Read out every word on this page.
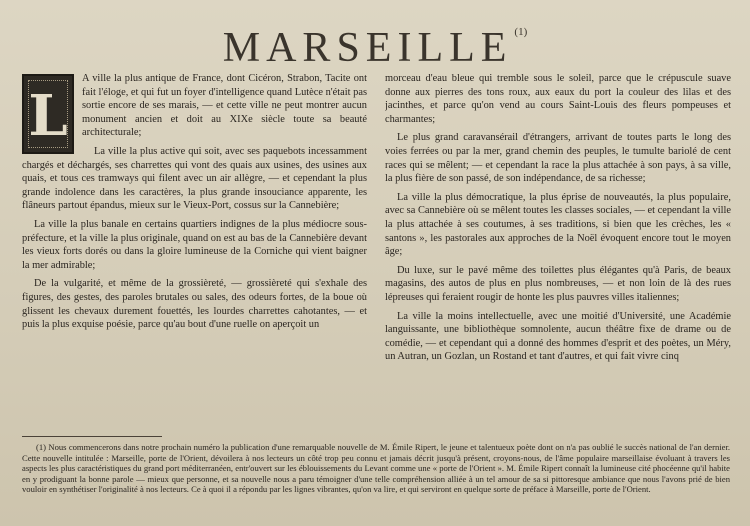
MARSEILLE $^{(1)}$

L
A ville la plus antique de France, dont Cicéron, Strabon, Tacite ont fait l'éloge, et qui fut un foyer d'intelligence quand Lutèce n'était pas sortie encore de ses marais, — et cette ville ne peut montrer aucun monument ancien et doit au XIXe siècle toute sa beauté architecturale;

La ville la plus active qui soit, avec ses paquebots incessamment chargés et déchargés, ses charrettes qui vont des quais aux usines, des usines aux quais, et tous ces tramways qui filent avec un air allègre, — et cependant la plus grande indolence dans les caractères, la plus grande insouciance apparente, les flâneurs partout épandus, mieux sur le Vieux-Port, cossus sur la Cannebière;

La ville la plus banale en certains quartiers indignes de la plus médiocre sous-préfecture, et la ville la plus originale, quand on est au bas de la Cannebière devant les vieux forts dorés ou dans la gloire lumineuse de la Corniche qui vient baigner la mer admirable;

De la vulgarité, et même de la grossièreté, — grossièreté qui s'exhale des figures, des gestes, des paroles brutales ou sales, des odeurs fortes, de la boue où glissent les chevaux durement fouettés, les lourdes charrettes cahotantes, — et puis la plus exquise poésie, parce qu'au bout d'une ruelle on aperçoit un

morceau d'eau bleue qui tremble sous le soleil, parce que le crépuscule suave donne aux pierres des tons roux, aux eaux du port la couleur des lilas et des jacinthes, et parce qu'on vend au cours Saint-Louis des fleurs pompeuses et charmantes;

Le plus grand caravansérail d'étrangers, arrivant de toutes parts le long des voies ferrées ou par la mer, grand chemin des peuples, le tumulte bariolé de cent races qui se mêlent; — et cependant la race la plus attachée à son pays, à sa ville, la plus fière de son passé, de son indépendance, de sa richesse;

La ville la plus démocratique, la plus éprise de nouveautés, la plus populaire, avec sa Cannebière où se mêlent toutes les classes sociales, — et cependant la ville la plus attachée à ses coutumes, à ses traditions, si bien que les crèches, les « santons », les pastorales aux approches de la Noël évoquent encore tout le moyen âge;

Du luxe, sur le pavé même des toilettes plus élégantes qu'à Paris, de beaux magasins, des autos de plus en plus nombreuses, — et non loin de là des rues lépreuses qui feraient rougir de honte les plus pauvres villes italiennes;

La ville la moins intellectuelle, avec une moitié d'Université, une Académie languissante, une bibliothèque somnolente, aucun théâtre fixe de drame ou de comédie, — et cependant qui a donné des hommes d'esprit et des poètes, un Méry, un Autran, un Gozlan, un Rostand et tant d'autres, et qui fait vivre cinq

(1) Nous commencerons dans notre prochain numéro la publication d'une remarquable nouvelle de M. Émile Ripert, le jeune et talentueux poète dont on n'a pas oublié le succès national de l'an dernier. Cette nouvelle intitulée : Marseille, porte de l'Orient, dévoilera à nos lecteurs un côté trop peu connu et jamais décrit jusqu'à présent, croyons-nous, de l'âme populaire marseillaise évoluant à travers les aspects les plus caractéristiques du grand port méditerranéen, entr'ouvert sur les éblouissements du Levant comme une « porte de l'Orient ». M. Émile Ripert connaît la lumineuse cité phocéenne qu'il habite en y prodiguant la bonne parole — mieux que personne, et sa nouvelle nous a paru témoigner d'une telle compréhension alliée à un tel amour de sa si pittoresque ambiance que nous l'avons prié de bien vouloir en synthétiser l'originalité à nos lecteurs. Ce à quoi il a répondu par les lignes vibrantes, qu'on va lire, et qui serviront en quelque sorte de préface à Marseille, porte de l'Orient.
